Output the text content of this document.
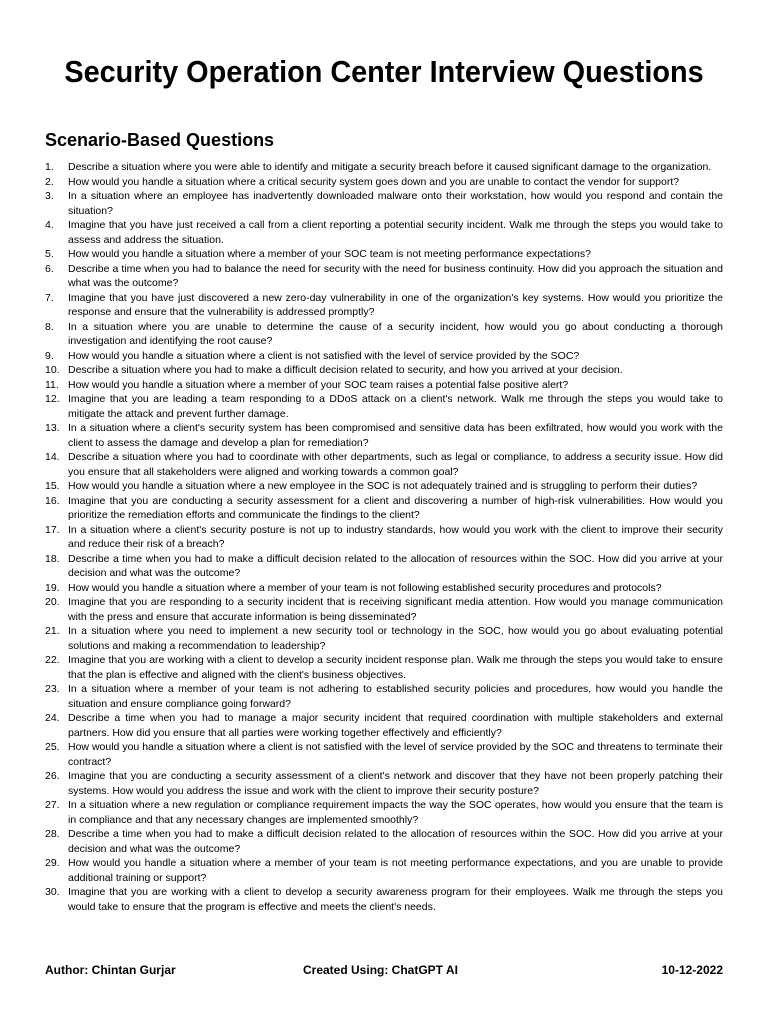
Security Operation Center Interview Questions
Scenario-Based Questions
1. Describe a situation where you were able to identify and mitigate a security breach before it caused significant damage to the organization.
2. How would you handle a situation where a critical security system goes down and you are unable to contact the vendor for support?
3. In a situation where an employee has inadvertently downloaded malware onto their workstation, how would you respond and contain the situation?
4. Imagine that you have just received a call from a client reporting a potential security incident. Walk me through the steps you would take to assess and address the situation.
5. How would you handle a situation where a member of your SOC team is not meeting performance expectations?
6. Describe a time when you had to balance the need for security with the need for business continuity. How did you approach the situation and what was the outcome?
7. Imagine that you have just discovered a new zero-day vulnerability in one of the organization's key systems. How would you prioritize the response and ensure that the vulnerability is addressed promptly?
8. In a situation where you are unable to determine the cause of a security incident, how would you go about conducting a thorough investigation and identifying the root cause?
9. How would you handle a situation where a client is not satisfied with the level of service provided by the SOC?
10. Describe a situation where you had to make a difficult decision related to security, and how you arrived at your decision.
11. How would you handle a situation where a member of your SOC team raises a potential false positive alert?
12. Imagine that you are leading a team responding to a DDoS attack on a client's network. Walk me through the steps you would take to mitigate the attack and prevent further damage.
13. In a situation where a client's security system has been compromised and sensitive data has been exfiltrated, how would you work with the client to assess the damage and develop a plan for remediation?
14. Describe a situation where you had to coordinate with other departments, such as legal or compliance, to address a security issue. How did you ensure that all stakeholders were aligned and working towards a common goal?
15. How would you handle a situation where a new employee in the SOC is not adequately trained and is struggling to perform their duties?
16. Imagine that you are conducting a security assessment for a client and discovering a number of high-risk vulnerabilities. How would you prioritize the remediation efforts and communicate the findings to the client?
17. In a situation where a client's security posture is not up to industry standards, how would you work with the client to improve their security and reduce their risk of a breach?
18. Describe a time when you had to make a difficult decision related to the allocation of resources within the SOC. How did you arrive at your decision and what was the outcome?
19. How would you handle a situation where a member of your team is not following established security procedures and protocols?
20. Imagine that you are responding to a security incident that is receiving significant media attention. How would you manage communication with the press and ensure that accurate information is being disseminated?
21. In a situation where you need to implement a new security tool or technology in the SOC, how would you go about evaluating potential solutions and making a recommendation to leadership?
22. Imagine that you are working with a client to develop a security incident response plan. Walk me through the steps you would take to ensure that the plan is effective and aligned with the client's business objectives.
23. In a situation where a member of your team is not adhering to established security policies and procedures, how would you handle the situation and ensure compliance going forward?
24. Describe a time when you had to manage a major security incident that required coordination with multiple stakeholders and external partners. How did you ensure that all parties were working together effectively and efficiently?
25. How would you handle a situation where a client is not satisfied with the level of service provided by the SOC and threatens to terminate their contract?
26. Imagine that you are conducting a security assessment of a client's network and discover that they have not been properly patching their systems. How would you address the issue and work with the client to improve their security posture?
27. In a situation where a new regulation or compliance requirement impacts the way the SOC operates, how would you ensure that the team is in compliance and that any necessary changes are implemented smoothly?
28. Describe a time when you had to make a difficult decision related to the allocation of resources within the SOC. How did you arrive at your decision and what was the outcome?
29. How would you handle a situation where a member of your team is not meeting performance expectations, and you are unable to provide additional training or support?
30. Imagine that you are working with a client to develop a security awareness program for their employees. Walk me through the steps you would take to ensure that the program is effective and meets the client's needs.
Author: Chintan Gurjar	Created Using: ChatGPT AI	10-12-2022
